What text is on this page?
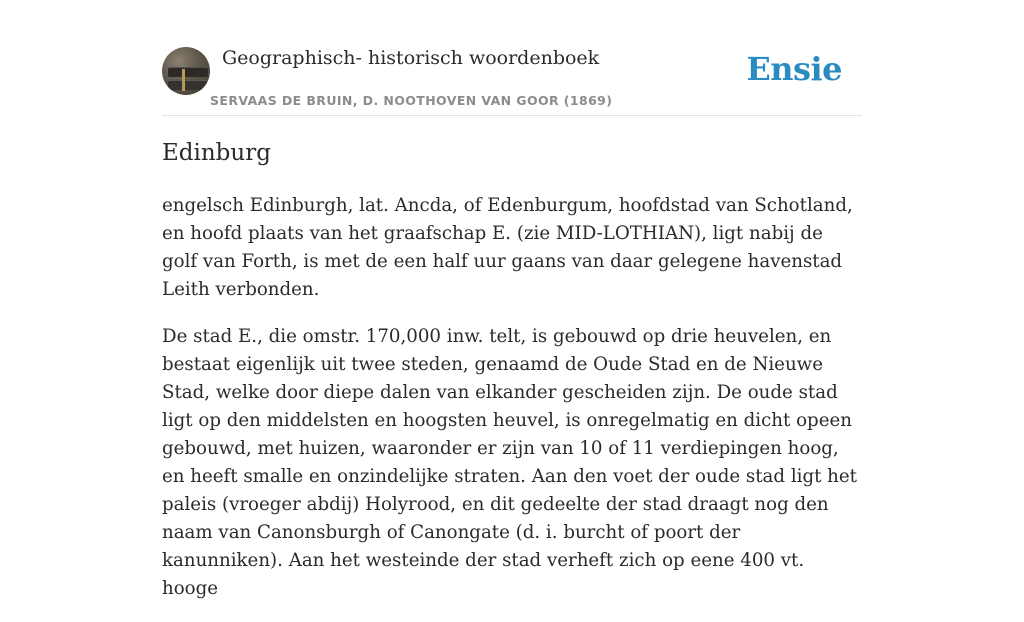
Geographisch- historisch woordenboek
SERVAAS DE BRUIN, D. NOOTHOVEN VAN GOOR (1869)
Ensie
Edinburg

engelsch Edinburgh, lat. Ancda, of Edenburgum, hoofdstad van Schotland, en hoofd plaats van het graafschap E. (zie MID-LOTHIAN), ligt nabij de golf van Forth, is met de een half uur gaans van daar gelegene havenstad Leith verbonden.

De stad E., die omstr. 170,000 inw. telt, is gebouwd op drie heuvelen, en bestaat eigenlijk uit twee steden, genaamd de Oude Stad en de Nieuwe Stad, welke door diepe dalen van elkander gescheiden zijn. De oude stad ligt op den middelsten en hoogsten heuvel, is onregelmatig en dicht opeen gebouwd, met huizen, waaronder er zijn van 10 of 11 verdiepingen hoog, en heeft smalle en onzindelijke straten. Aan den voet der oude stad ligt het paleis (vroeger abdij) Holyrood, en dit gedeelte der stad draagt nog den naam van Canonsburgh of Canongate (d. i. burcht of poort der kanunniken). Aan het westeinde der stad verheft zich op eene 400 vt. hooge
